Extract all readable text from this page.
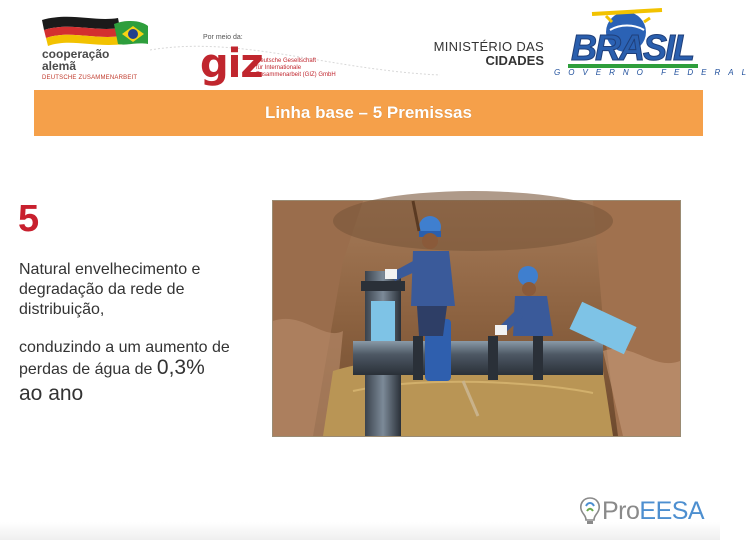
cooperação
alemã
DEUTSCHE ZUSAMMENARBEIT
Por meio da:
giz
Deutsche Gesellschaft
für Internationale
Zusammenarbeit (GIZ) GmbH
MINISTÉRIO DAS
CIDADES BRASIL
GOVERNO FEDERAL
Linha base – 5 Premissas
5
Natural envelhecimento e degradação da rede de distribuição,
conduzindo a um aumento de perdas de água de 0,3%
ao ano
ProEESA
